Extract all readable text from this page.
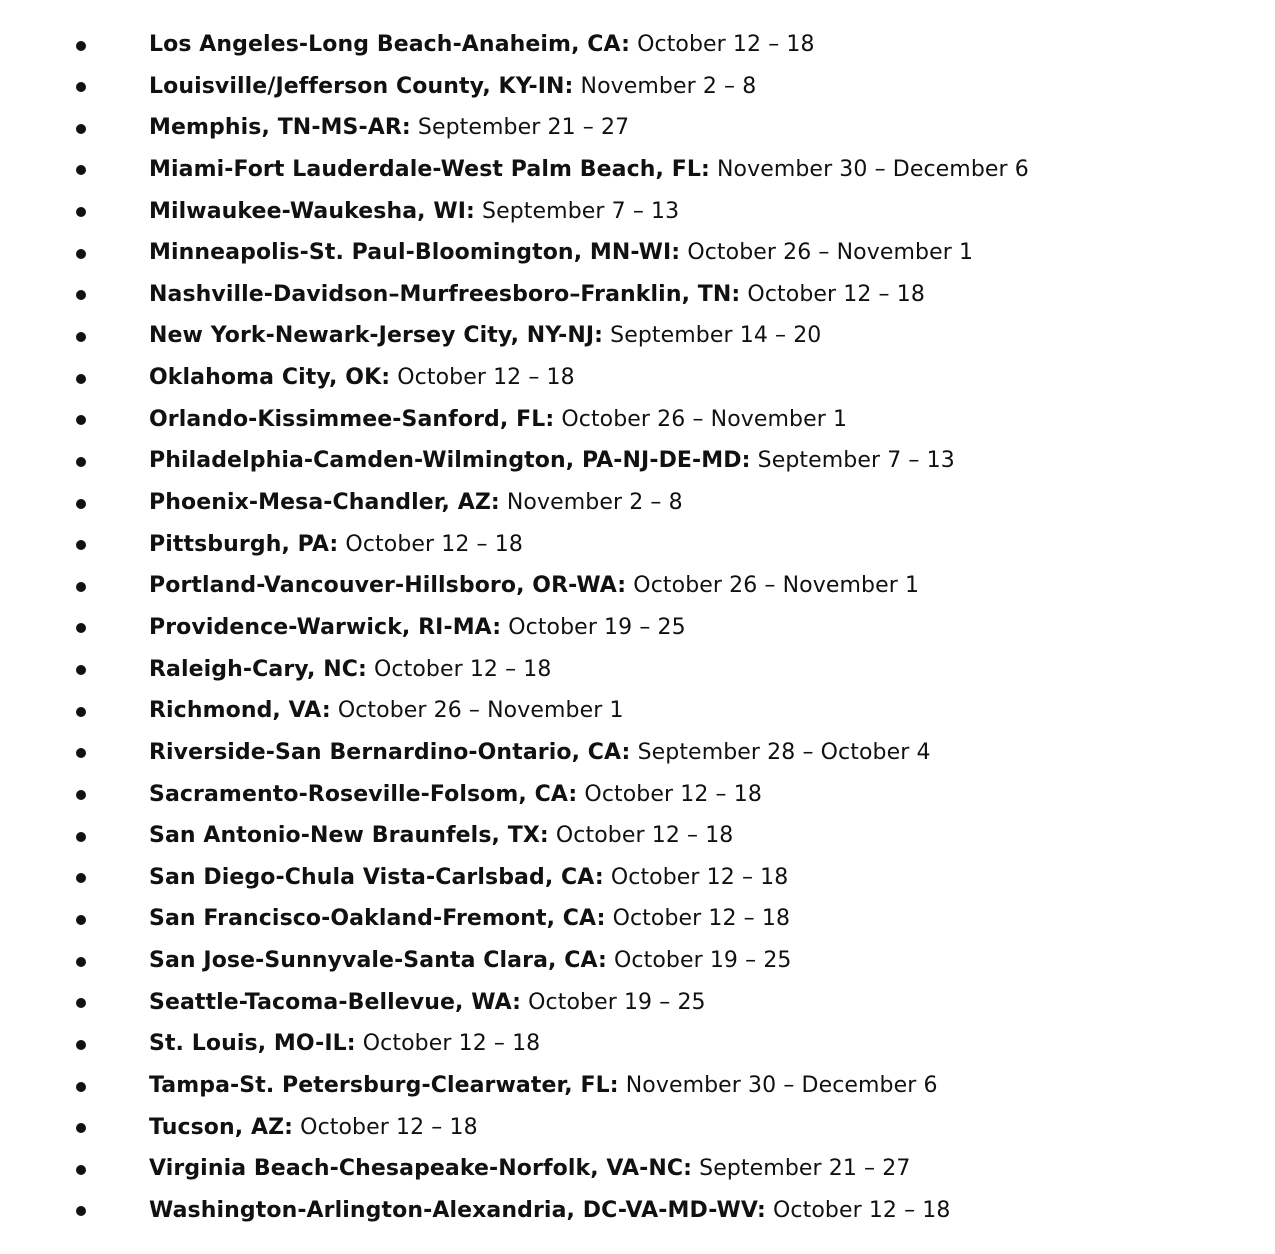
Los Angeles-Long Beach-Anaheim, CA: October 12 – 18
Louisville/Jefferson County, KY-IN: November 2 – 8
Memphis, TN-MS-AR: September 21 – 27
Miami-Fort Lauderdale-West Palm Beach, FL: November 30 – December 6
Milwaukee-Waukesha, WI: September 7 – 13
Minneapolis-St. Paul-Bloomington, MN-WI: October 26 – November 1
Nashville-Davidson–Murfreesboro–Franklin, TN: October 12 – 18
New York-Newark-Jersey City, NY-NJ: September 14 – 20
Oklahoma City, OK: October 12 – 18
Orlando-Kissimmee-Sanford, FL: October 26 – November 1
Philadelphia-Camden-Wilmington, PA-NJ-DE-MD: September 7 – 13
Phoenix-Mesa-Chandler, AZ: November 2 – 8
Pittsburgh, PA: October 12 – 18
Portland-Vancouver-Hillsboro, OR-WA: October 26 – November 1
Providence-Warwick, RI-MA: October 19 – 25
Raleigh-Cary, NC: October 12 – 18
Richmond, VA: October 26 – November 1
Riverside-San Bernardino-Ontario, CA: September 28 – October 4
Sacramento-Roseville-Folsom, CA: October 12 – 18
San Antonio-New Braunfels, TX: October 12 – 18
San Diego-Chula Vista-Carlsbad, CA: October 12 – 18
San Francisco-Oakland-Fremont, CA: October 12 – 18
San Jose-Sunnyvale-Santa Clara, CA: October 19 – 25
Seattle-Tacoma-Bellevue, WA: October 19 – 25
St. Louis, MO-IL: October 12 – 18
Tampa-St. Petersburg-Clearwater, FL: November 30 – December 6
Tucson, AZ: October 12 – 18
Virginia Beach-Chesapeake-Norfolk, VA-NC: September 21 – 27
Washington-Arlington-Alexandria, DC-VA-MD-WV: October 12 – 18
